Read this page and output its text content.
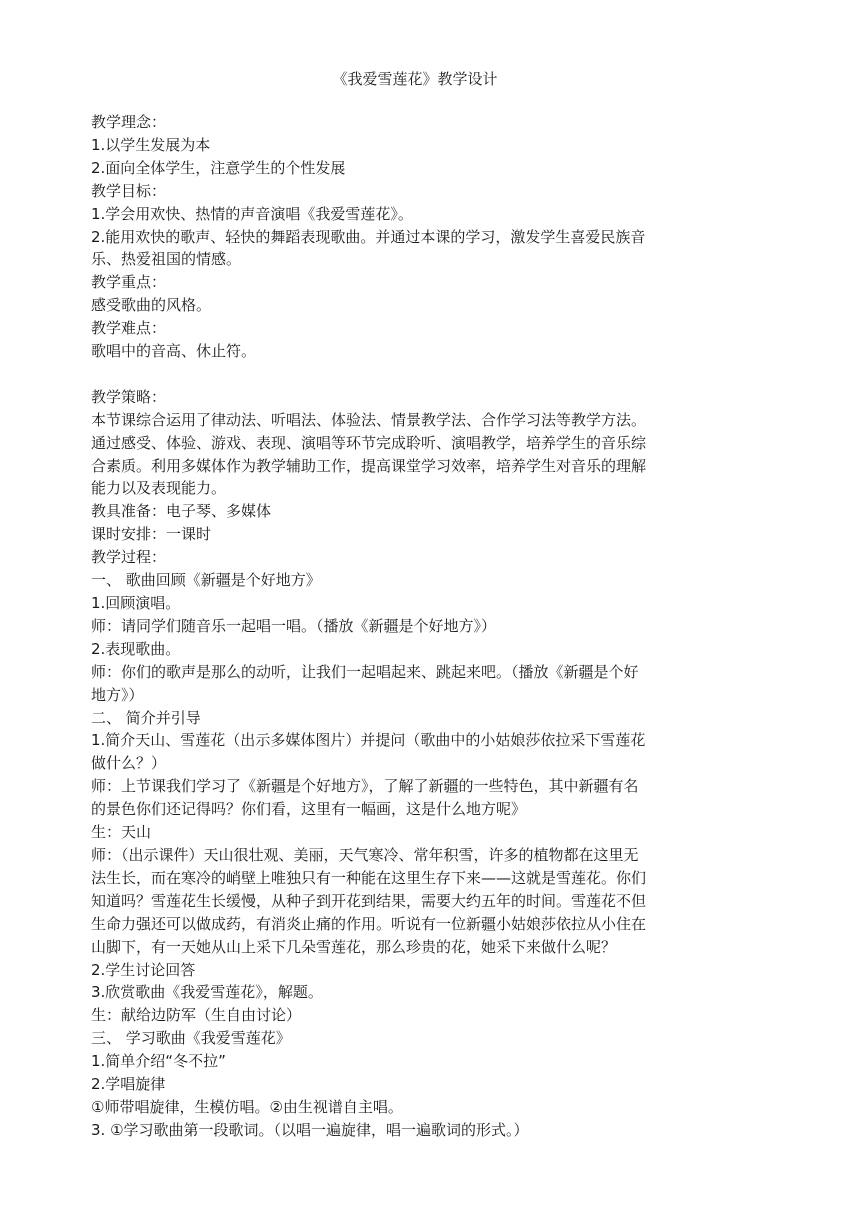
《我爱雪莲花》教学设计

教学理念：

1.以学生发展为本

2.面向全体学生，注意学生的个性发展

教学目标：

1.学会用欢快、热情的声音演唱《我爱雪莲花》。

2.能用欢快的歌声、轻快的舞蹈表现歌曲。并通过本课的学习，激发学生喜爱民族音

乐、热爱祖国的情感。

教学重点：

感受歌曲的风格。

教学难点：

歌唱中的音高、休止符。

教学策略：

本节课综合运用了律动法、听唱法、体验法、情景教学法、合作学习法等教学方法。

通过感受、体验、游戏、表现、演唱等环节完成聆听、演唱教学，培养学生的音乐综

合素质。利用多媒体作为教学辅助工作，提高课堂学习效率，培养学生对音乐的理解

能力以及表现能力。

教具准备：电子琴、多媒体

课时安排：一课时

教学过程：

一、 歌曲回顾《新疆是个好地方》

1.回顾演唱。

师：请同学们随音乐一起唱一唱。（播放《新疆是个好地方》）

2.表现歌曲。

师：你们的歌声是那么的动听，让我们一起唱起来、跳起来吧。（播放《新疆是个好

地方》）

二、 简介并引导

1.简介天山、雪莲花（出示多媒体图片）并提问（歌曲中的小姑娘莎依拉采下雪莲花

做什么？）

师：上节课我们学习了《新疆是个好地方》，了解了新疆的一些特色，其中新疆有名

的景色你们还记得吗？你们看，这里有一幅画，这是什么地方呢》

生：天山

师：（出示课件）天山很壮观、美丽，天气寒冷、常年积雪，许多的植物都在这里无

法生长，而在寒冷的峭壁上唯独只有一种能在这里生存下来——这就是雪莲花。你们

知道吗？雪莲花生长缓慢，从种子到开花到结果，需要大约五年的时间。雪莲花不但

生命力强还可以做成药，有消炎止痛的作用。听说有一位新疆小姑娘莎依拉从小住在

山脚下，有一天她从山上采下几朵雪莲花，那么珍贵的花，她采下来做什么呢？

2.学生讨论回答

3.欣赏歌曲《我爱雪莲花》，解题。

生：献给边防军（生自由讨论）

三、 学习歌曲《我爱雪莲花》

1.简单介绍“冬不拉”

2.学唱旋律

①师带唱旋律，生模仿唱。②由生视谱自主唱。

3. ①学习歌曲第一段歌词。（以唱一遍旋律，唱一遍歌词的形式。）
